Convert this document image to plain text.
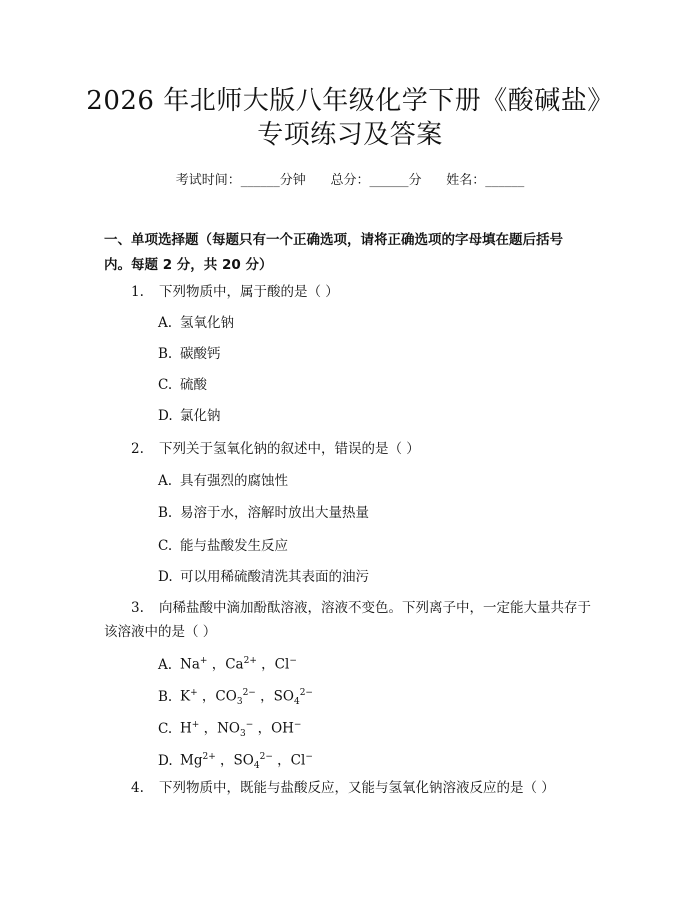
2026 年北师大版八年级化学下册《酸碱盐》
专项练习及答案
考试时间：______分钟      总分：______分      姓名：______
一、单项选择题（每题只有一个正确选项，请将正确选项的字母填在题后括号
内。每题 2 分，共 20 分）
1. 下列物质中，属于酸的是（ ）
A. 氢氧化钠
B. 碳酸钙
C. 硫酸
D. 氯化钠
2. 下列关于氢氧化钠的叙述中，错误的是（ ）
A. 具有强烈的腐蚀性
B. 易溶于水，溶解时放出大量热量
C. 能与盐酸发生反应
D. 可以用稀硫酸清洗其表面的油污
3. 向稀盐酸中滴加酚酞溶液，溶液不变色。下列离子中，一定能大量共存于
该溶液中的是（ ）
A. Na+ ，$Ca^{2+}$ ，Cl−
B. K+ ，$CO_3^{2-}$ ，$SO_4^{2-}$
C. H+ ，$NO_3^-$ ，OH−
D. $Mg^{2+}$ ，$SO_4^{2-}$ ，Cl−
4. 下列物质中，既能与盐酸反应，又能与氢氧化钠溶液反应的是（ ）
